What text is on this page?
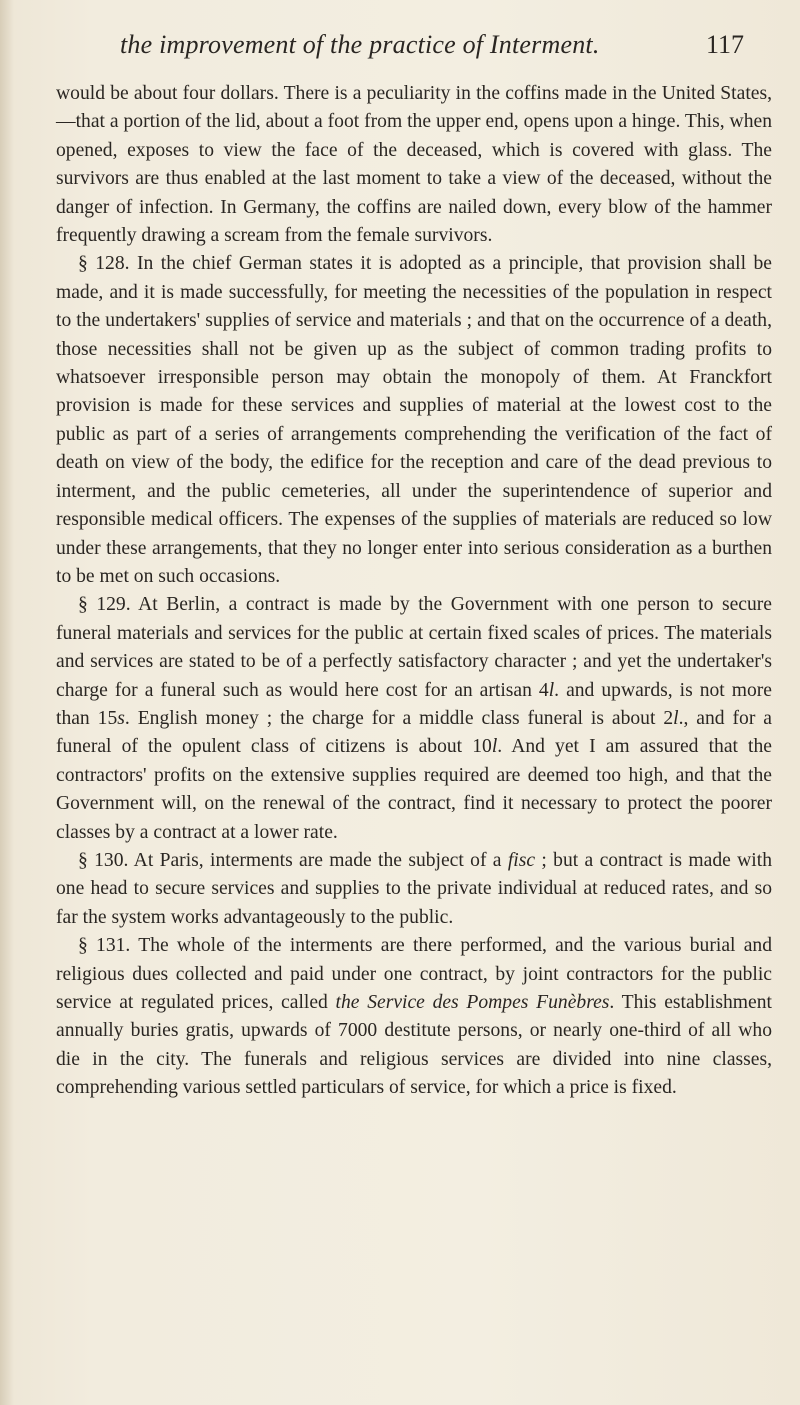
the improvement of the practice of Interment.	117

would be about four dollars. There is a peculiarity in the coffins made in the United States,—that a portion of the lid, about a foot from the upper end, opens upon a hinge. This, when opened, exposes to view the face of the deceased, which is covered with glass. The survivors are thus enabled at the last moment to take a view of the deceased, without the danger of infection. In Germany, the coffins are nailed down, every blow of the hammer frequently drawing a scream from the female survivors.

§ 128. In the chief German states it is adopted as a principle, that provision shall be made, and it is made successfully, for meeting the necessities of the population in respect to the undertakers' supplies of service and materials ; and that on the occurrence of a death, those necessities shall not be given up as the subject of common trading profits to whatsoever irresponsible person may obtain the monopoly of them. At Franckfort provision is made for these services and supplies of material at the lowest cost to the public as part of a series of arrangements comprehending the verification of the fact of death on view of the body, the edifice for the reception and care of the dead previous to interment, and the public cemeteries, all under the superintendence of superior and responsible medical officers. The expenses of the supplies of materials are reduced so low under these arrangements, that they no longer enter into serious consideration as a burthen to be met on such occasions.

§ 129. At Berlin, a contract is made by the Government with one person to secure funeral materials and services for the public at certain fixed scales of prices. The materials and services are stated to be of a perfectly satisfactory character ; and yet the undertaker's charge for a funeral such as would here cost for an artisan 4l. and upwards, is not more than 15s. English money ; the charge for a middle class funeral is about 2l., and for a funeral of the opulent class of citizens is about 10l. And yet I am assured that the contractors' profits on the extensive supplies required are deemed too high, and that the Government will, on the renewal of the contract, find it necessary to protect the poorer classes by a contract at a lower rate.

§ 130. At Paris, interments are made the subject of a fisc ; but a contract is made with one head to secure services and supplies to the private individual at reduced rates, and so far the system works advantageously to the public.

§ 131. The whole of the interments are there performed, and the various burial and religious dues collected and paid under one contract, by joint contractors for the public service at regulated prices, called the Service des Pompes Funèbres. This establishment annually buries gratis, upwards of 7000 destitute persons, or nearly one-third of all who die in the city. The funerals and religious services are divided into nine classes, comprehending various settled particulars of service, for which a price is fixed.
